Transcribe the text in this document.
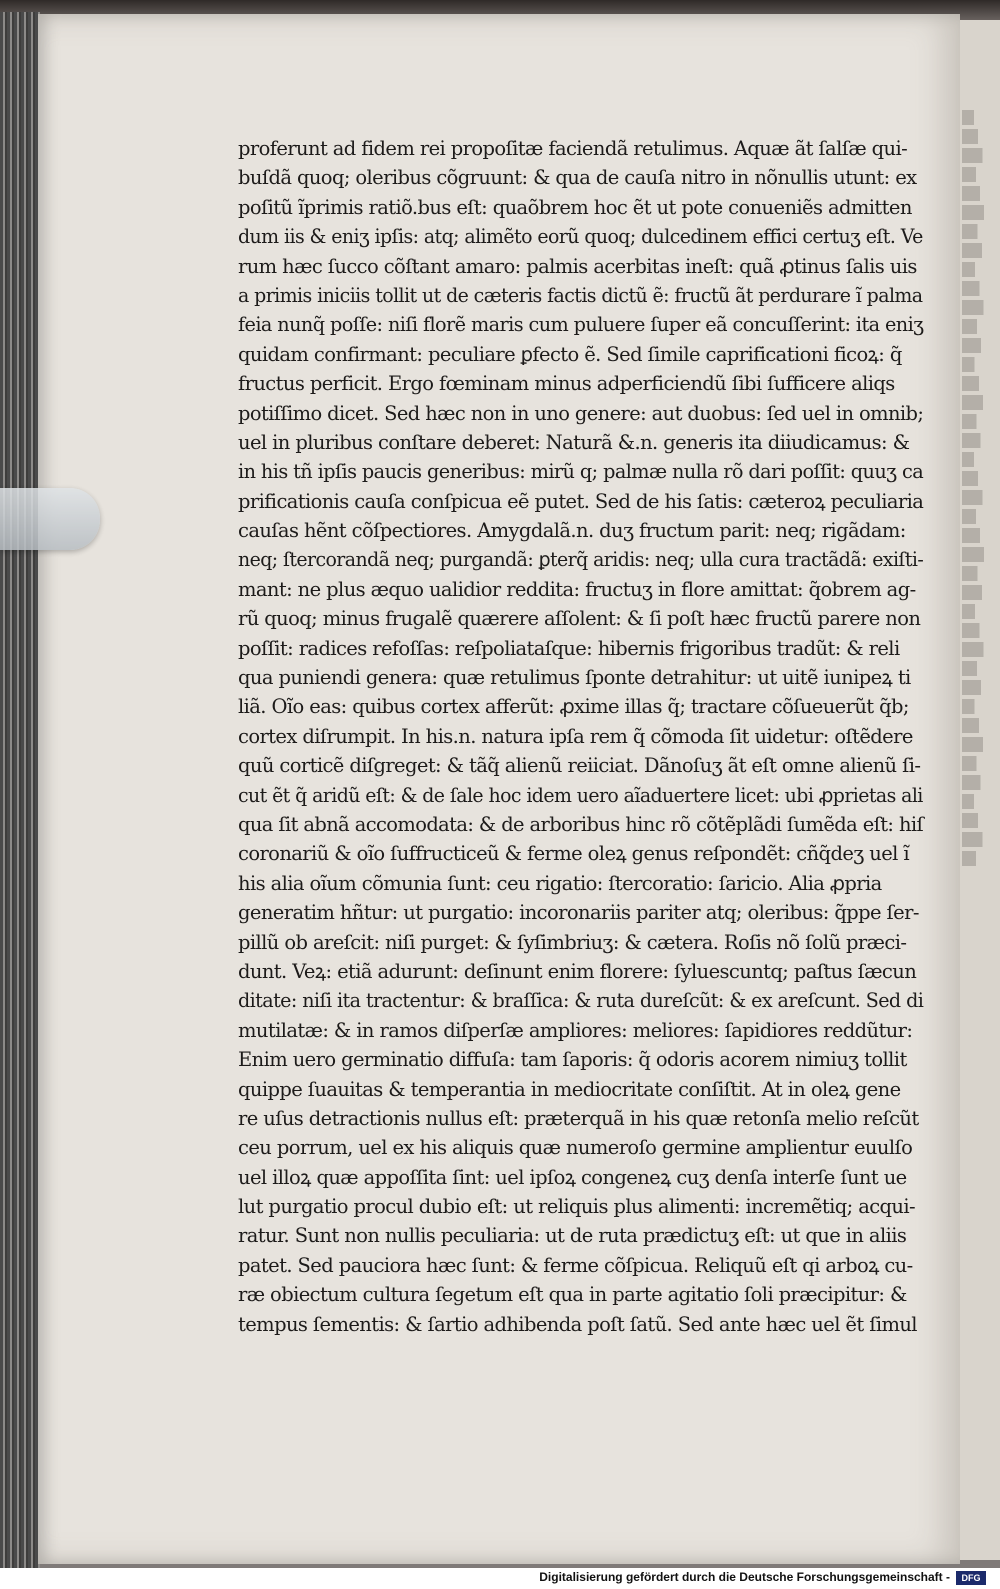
proferunt ad fidem rei propoſitæ faciendã retulimus. Aquæ ãt ſalſæ qui-
buſdã quoq; oleribus cõgruunt: & qua de cauſa nitro in nõnullis utunt: ex
poſitũ ĩprimis ratiõ.bus eſt: quaõbrem hoc ẽt ut pote conueniẽs admitten
dum iis & eniʒ ipſis: atq; alimẽto eorũ quoq; dulcedinem effici certuʒ eſt. Ve
rum hæc ſucco cõſtant amaro: palmis acerbitas ineſt: quã ꝓtinus ſalis uis
a primis iniciis tollit ut de cæteris factis dictũ ẽ: fructũ ãt perdurare ĩ palma
feia nunq̃ poſſe: niſi florẽ maris cum puluere ſuper eã concuſſerint: ita eniʒ
quidam confirmant: peculiare ꝑfecto ẽ. Sed ſimile caprificationi ficoꝝ: q̃
fructus perficit. Ergo fœminam minus adperficiendũ ſibi ſufficere aliqs
potiſſimo dicet. Sed hæc non in uno genere: aut duobus: ſed uel in omnib;
uel in pluribus conſtare deberet: Naturã &.n. generis ita diiudicamus: &
in his tñ ipſis paucis generibus: mirũ q; palmæ nulla rõ dari poſſit: quuʒ ca
prificationis cauſa conſpicua eẽ putet. Sed de his ſatis: cæteroꝝ peculiaria
cauſas hẽnt cõſpectiores. Amygdalã.n. duʒ fructum parit: neq; rigãdam:
neq; ſtercorandã neq; purgandã: ꝑterq̃ aridis: neq; ulla cura tractãdã: exiſti-
mant: ne plus æquo ualidior reddita: fructuʒ in flore amittat: q̃obrem ag-
rũ quoq; minus frugalẽ quærere aſſolent: & ſi poſt hæc fructũ parere non
poſſit: radices refoſſas: reſpoliataſque: hibernis frigoribus tradũt: & reli
qua puniendi genera: quæ retulimus ſponte detrahitur: ut uitẽ iunipeꝝ ti
liã. Oĩo eas: quibus cortex afferũt: ꝓxime illas q̃; tractare cõſueuerũt q̃b;
cortex diſrumpit. In his.n. natura ipſa rem q̃ cõmoda ſit uidetur: oſtẽdere
quũ corticẽ diſgreget: & tãq̃ alienũ reiiciat. Dãnoſuʒ ãt eſt omne alienũ ſi-
cut ẽt q̃ aridũ eſt: & de ſale hoc idem uero aĩaduertere licet: ubi ꝓprietas ali
qua ſit abnã accomodata: & de arboribus hinc rõ cõtẽplãdi ſumẽda eſt: hiſ
coronariũ & oĩo ſuffructiceũ & ferme oleꝝ genus reſpondẽt: cñq̃deʒ uel ĩ
his alia oĩum cõmunia ſunt: ceu rigatio: ſtercoratio: ſaricio. Alia ꝓpria
generatim hñtur: ut purgatio: incoronariis pariter atq; oleribus: q̃ppe ſer-
pillũ ob areſcit: niſi purget: & ſyſimbriuʒ: & cætera. Roſis nõ ſolũ præci-
dunt. Veꝝ: etiã adurunt: deſinunt enim florere: ſyluescuntq; paſtus ſæcun
ditate: niſi ita tractentur: & braſſica: & ruta dureſcũt: & ex areſcunt. Sed di
mutilatæ: & in ramos diſperſæ ampliores: meliores: ſapidiores reddũtur:
Enim uero germinatio diffuſa: tam ſaporis: q̃ odoris acorem nimiuʒ tollit
quippe ſuauitas & temperantia in mediocritate conſiſtit. At in oleꝝ gene
re uſus detractionis nullus eſt: præterquã in his quæ retonſa melio reſcũt
ceu porrum, uel ex his aliquis quæ numeroſo germine amplientur euulſo
uel illoꝝ quæ appoſſita ſint: uel ipſoꝝ congeneꝝ cuʒ denſa interſe ſunt ue
lut purgatio procul dubio eſt: ut reliquis plus alimenti: incremẽtiq; acqui-
ratur. Sunt non nullis peculiaria: ut de ruta prædictuʒ eſt: ut que in aliis
patet. Sed pauciora hæc ſunt: & ferme cõſpicua. Reliquũ eſt qi arboꝝ cu-
ræ obiectum cultura ſegetum eſt qua in parte agitatio ſoli præcipitur: &
tempus ſementis: & ſartio adhibenda poſt ſatũ. Sed ante hæc uel ẽt ſimul
Digitalisierung gefördert durch die Deutsche Forschungsgemeinschaft -	DFG
